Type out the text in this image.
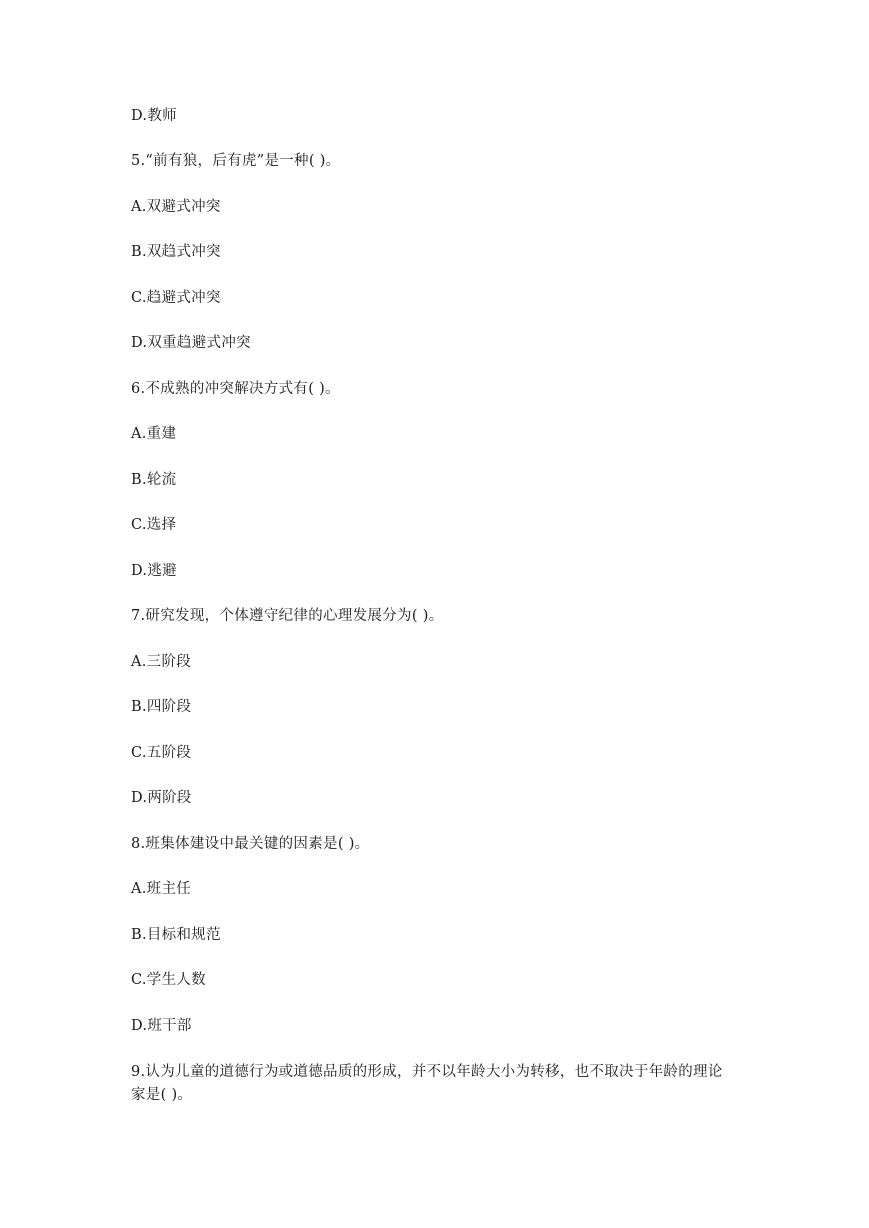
D.教师
5.“前有狼，后有虎”是一种( )。
A.双避式冲突
B.双趋式冲突
C.趋避式冲突
D.双重趋避式冲突
6.不成熟的冲突解决方式有( )。
A.重建
B.轮流
C.选择
D.逃避
7.研究发现，个体遵守纪律的心理发展分为( )。
A.三阶段
B.四阶段
C.五阶段
D.两阶段
8.班集体建设中最关键的因素是( )。
A.班主任
B.目标和规范
C.学生人数
D.班干部
9.认为儿童的道德行为或道德品质的形成，并不以年龄大小为转移，也不取决于年龄的理论
家是( )。
